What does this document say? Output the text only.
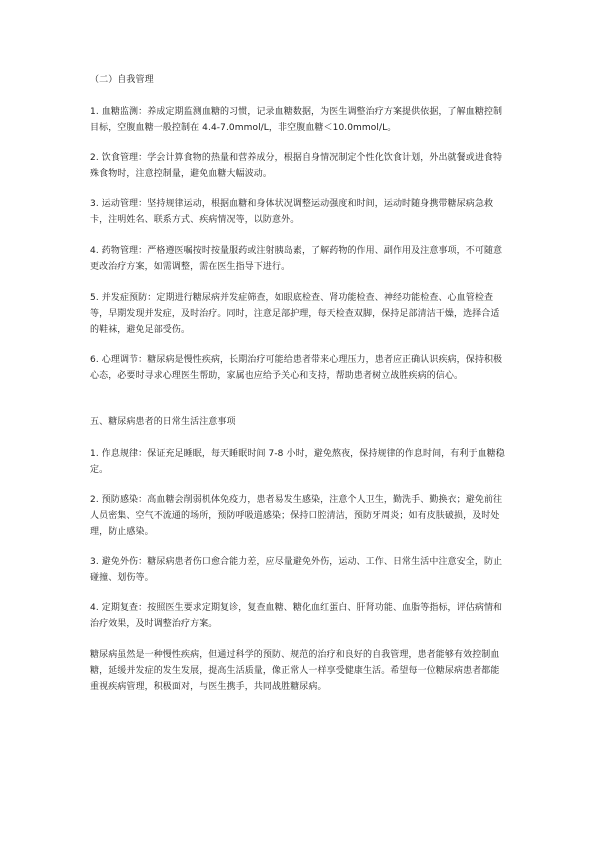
（二）自我管理
1. 血糖监测：养成定期监测血糖的习惯，记录血糖数据，为医生调整治疗方案提供依据，了解血糖控制目标，空腹血糖一般控制在 4.4-7.0mmol/L，非空腹血糖＜10.0mmol/L。
2. 饮食管理：学会计算食物的热量和营养成分，根据自身情况制定个性化饮食计划，外出就餐或进食特殊食物时，注意控制量，避免血糖大幅波动。
3. 运动管理：坚持规律运动，根据血糖和身体状况调整运动强度和时间，运动时随身携带糖尿病急救卡，注明姓名、联系方式、疾病情况等，以防意外。
4. 药物管理：严格遵医嘱按时按量服药或注射胰岛素，了解药物的作用、副作用及注意事项，不可随意更改治疗方案，如需调整，需在医生指导下进行。
5. 并发症预防：定期进行糖尿病并发症筛查，如眼底检查、肾功能检查、神经功能检查、心血管检查等，早期发现并发症，及时治疗。同时，注意足部护理，每天检查双脚，保持足部清洁干燥，选择合适的鞋袜，避免足部受伤。
6. 心理调节：糖尿病是慢性疾病，长期治疗可能给患者带来心理压力，患者应正确认识疾病，保持积极心态，必要时寻求心理医生帮助，家属也应给予关心和支持，帮助患者树立战胜疾病的信心。
五、糖尿病患者的日常生活注意事项
1. 作息规律：保证充足睡眠，每天睡眠时间 7-8 小时，避免熬夜，保持规律的作息时间，有利于血糖稳定。
2. 预防感染：高血糖会削弱机体免疫力，患者易发生感染，注意个人卫生，勤洗手、勤换衣；避免前往人员密集、空气不流通的场所，预防呼吸道感染；保持口腔清洁，预防牙周炎；如有皮肤破损，及时处理，防止感染。
3. 避免外伤：糖尿病患者伤口愈合能力差，应尽量避免外伤，运动、工作、日常生活中注意安全，防止碰撞、划伤等。
4. 定期复查：按照医生要求定期复诊，复查血糖、糖化血红蛋白、肝肾功能、血脂等指标，评估病情和治疗效果，及时调整治疗方案。
糖尿病虽然是一种慢性疾病，但通过科学的预防、规范的治疗和良好的自我管理，患者能够有效控制血糖，延缓并发症的发生发展，提高生活质量，像正常人一样享受健康生活。希望每一位糖尿病患者都能重视疾病管理，积极面对，与医生携手，共同战胜糖尿病。
